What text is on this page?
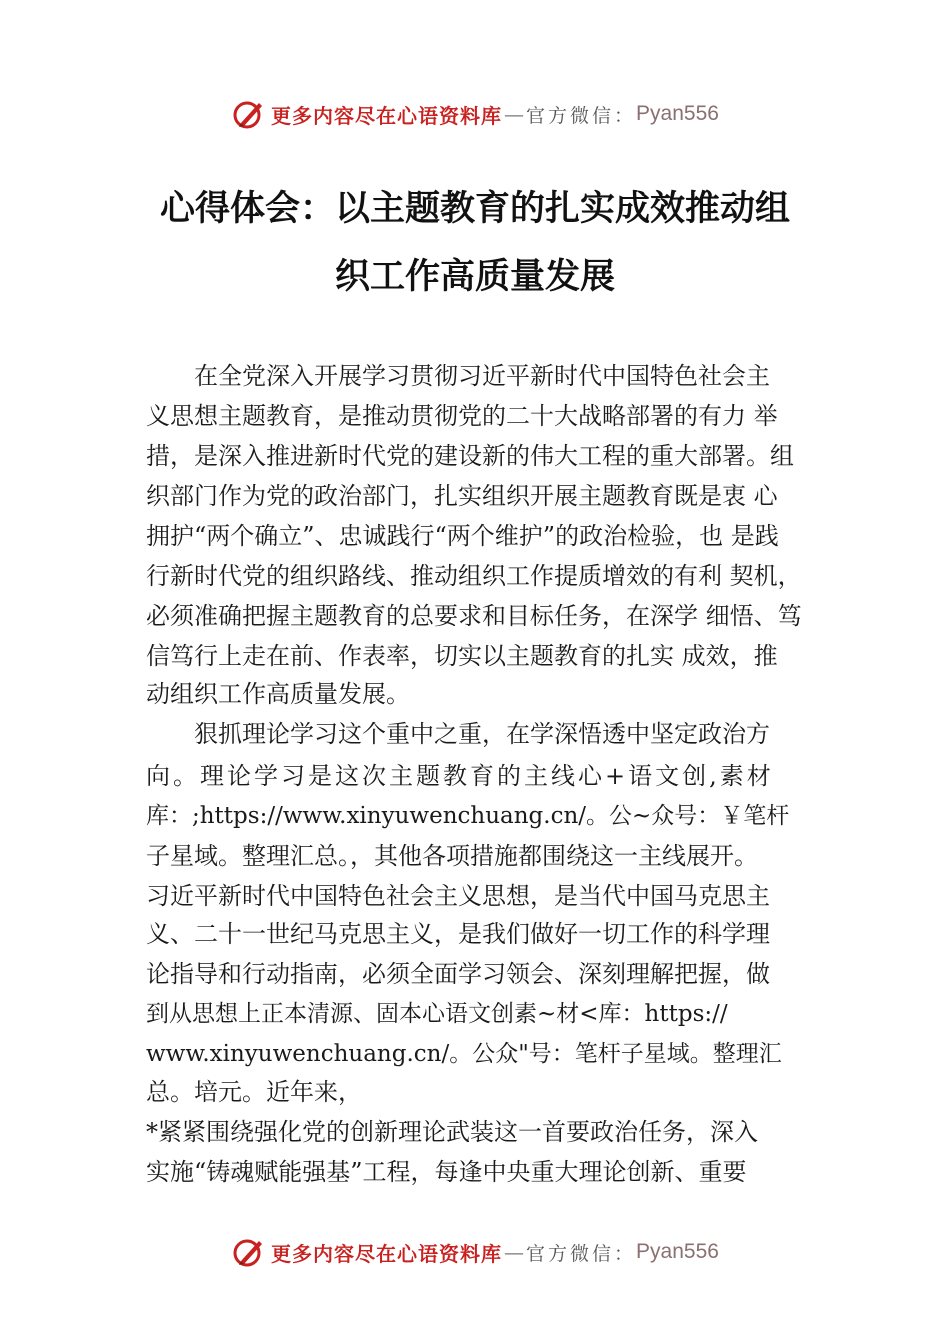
更多内容尽在心语资料库 — 官方微信： Pyan556
心得体会：以主题教育的扎实成效推动组
织工作高质量发展
在全党深入开展学习贯彻习近平新时代中国特色社会主
义思想主题教育，是推动贯彻党的二十大战略部署的有力 举
措，是深入推进新时代党的建设新的伟大工程的重大部署。组
织部门作为党的政治部门，扎实组织开展主题教育既是衷 心
拥护“两个确立”、忠诚践行“两个维护”的政治检验，也 是践
行新时代党的组织路线、推动组织工作提质增效的有利 契机，
必须准确把握主题教育的总要求和目标任务，在深学 细悟、笃
信笃行上走在前、作表率，切实以主题教育的扎实 成效，推
动组织工作高质量发展。
狠抓理论学习这个重中之重，在学深悟透中坚定政治方
向。理论学习是这次主题教育的主线心+语文创,素材
库：;https://www.xinyuwenchuang.cn/。公~众号：￥笔杆
子星域。整理汇总。，其他各项措施都围绕这一主线展开。
习近平新时代中国特色社会主义思想，是当代中国马克思主
义、二十一世纪马克思主义，是我们做好一切工作的科学理
论指导和行动指南，必须全面学习领会、深刻理解把握，做
到从思想上正本清源、固本心语文创素~材<库：https://
www.xinyuwenchuang.cn/。公众"号：笔杆子星域。整理汇
总。培元。近年来，
*紧紧围绕强化党的创新理论武装这一首要政治任务，深入
实施“铸魂赋能强基”工程，每逢中央重大理论创新、重要
更多内容尽在心语资料库 — 官方微信： Pyan556
